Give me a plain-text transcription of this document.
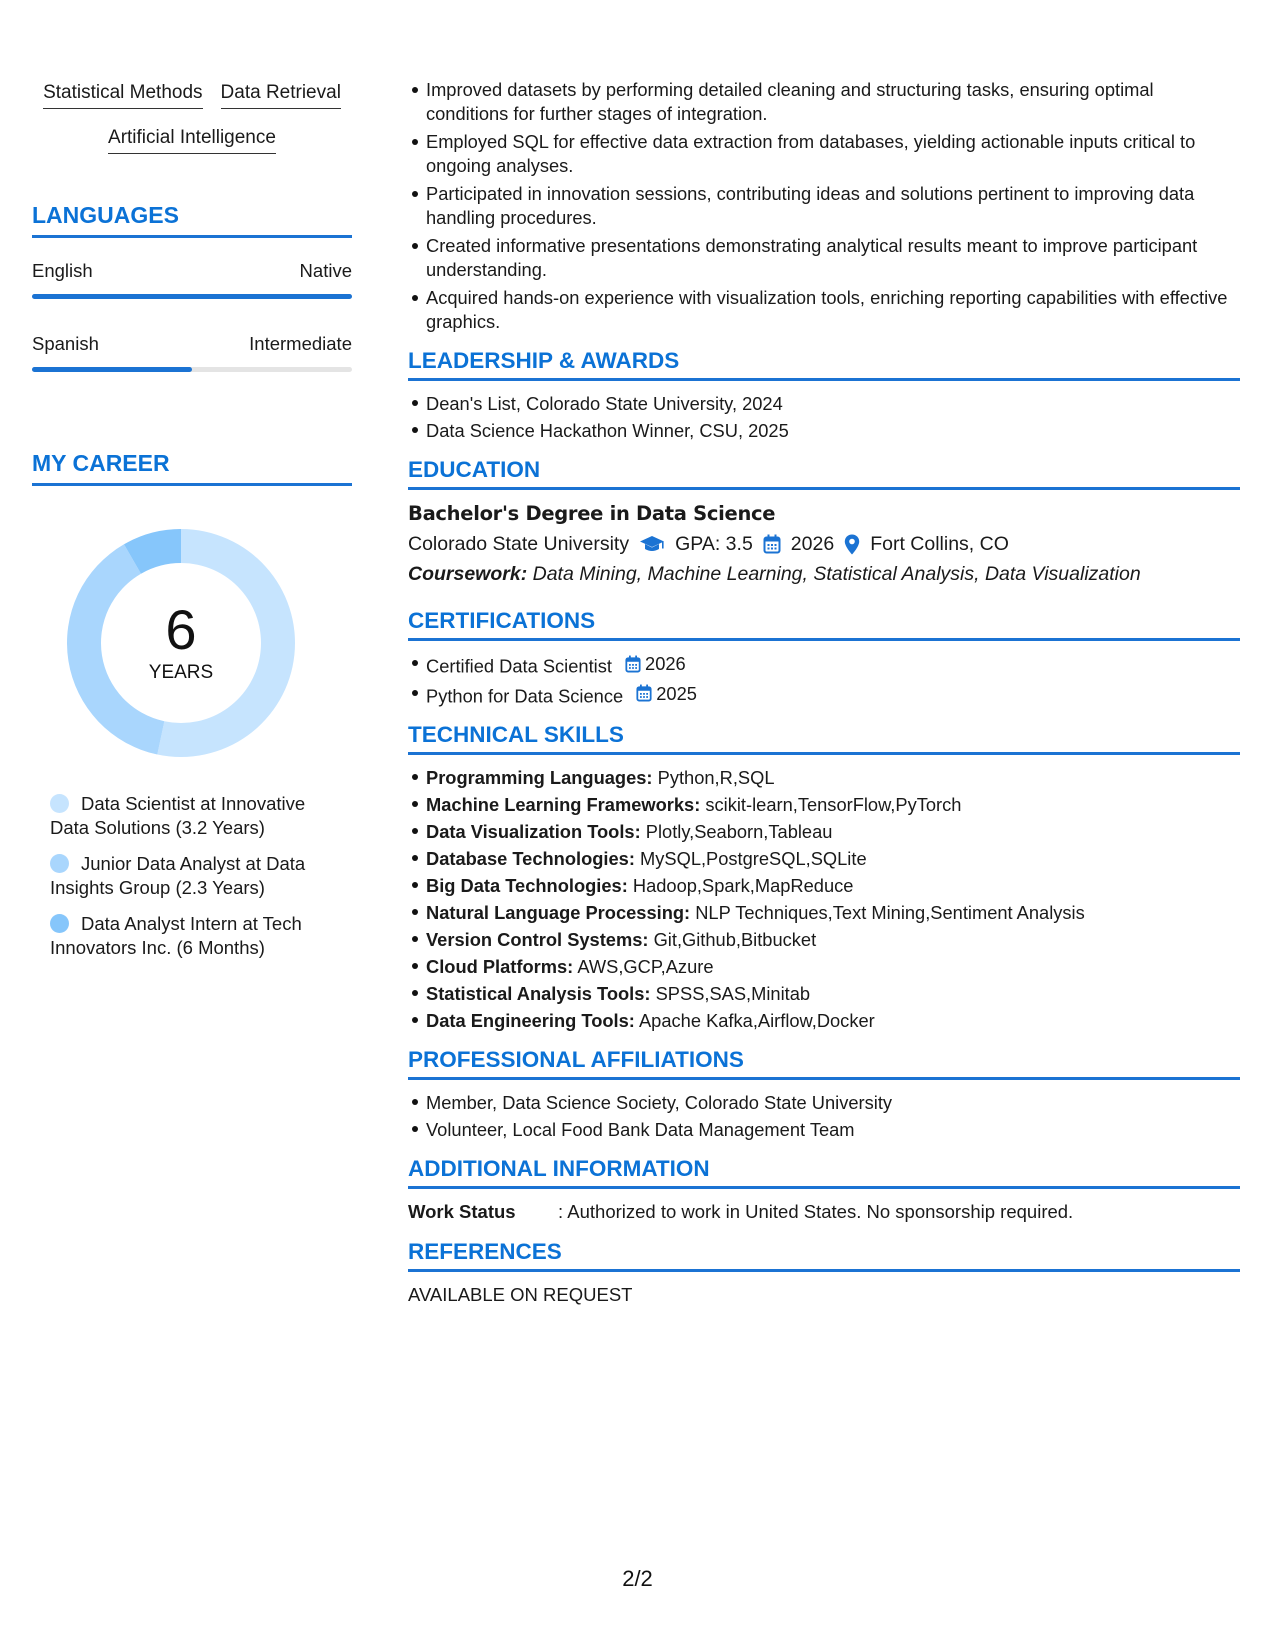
Statistical Methods Data Retrieval
Artificial Intelligence
LANGUAGES
English	Native
Spanish	Intermediate
MY CAREER
6
YEARS
Data Scientist at Innovative Data Solutions (3.2 Years)
Junior Data Analyst at Data Insights Group (2.3 Years)
Data Analyst Intern at Tech Innovators Inc. (6 Months)
Improved datasets by performing detailed cleaning and structuring tasks, ensuring optimal conditions for further stages of integration.
Employed SQL for effective data extraction from databases, yielding actionable inputs critical to ongoing analyses.
Participated in innovation sessions, contributing ideas and solutions pertinent to improving data handling procedures.
Created informative presentations demonstrating analytical results meant to improve participant understanding.
Acquired hands-on experience with visualization tools, enriching reporting capabilities with effective graphics.
LEADERSHIP & AWARDS
Dean's List, Colorado State University, 2024
Data Science Hackathon Winner, CSU, 2025
EDUCATION
Bachelor's Degree in Data Science
Colorado State University GPA: 3.5 2026 Fort Collins, CO
Coursework: Data Mining, Machine Learning, Statistical Analysis, Data Visualization
CERTIFICATIONS
Certified Data Scientist 2026
Python for Data Science 2025
TECHNICAL SKILLS
Programming Languages: Python,R,SQL
Machine Learning Frameworks: scikit-learn,TensorFlow,PyTorch
Data Visualization Tools: Plotly,Seaborn,Tableau
Database Technologies: MySQL,PostgreSQL,SQLite
Big Data Technologies: Hadoop,Spark,MapReduce
Natural Language Processing: NLP Techniques,Text Mining,Sentiment Analysis
Version Control Systems: Git,Github,Bitbucket
Cloud Platforms: AWS,GCP,Azure
Statistical Analysis Tools: SPSS,SAS,Minitab
Data Engineering Tools: Apache Kafka,Airflow,Docker
PROFESSIONAL AFFILIATIONS
Member, Data Science Society, Colorado State University
Volunteer, Local Food Bank Data Management Team
ADDITIONAL INFORMATION
Work Status	: Authorized to work in United States. No sponsorship required.
REFERENCES
AVAILABLE ON REQUEST
2/2
